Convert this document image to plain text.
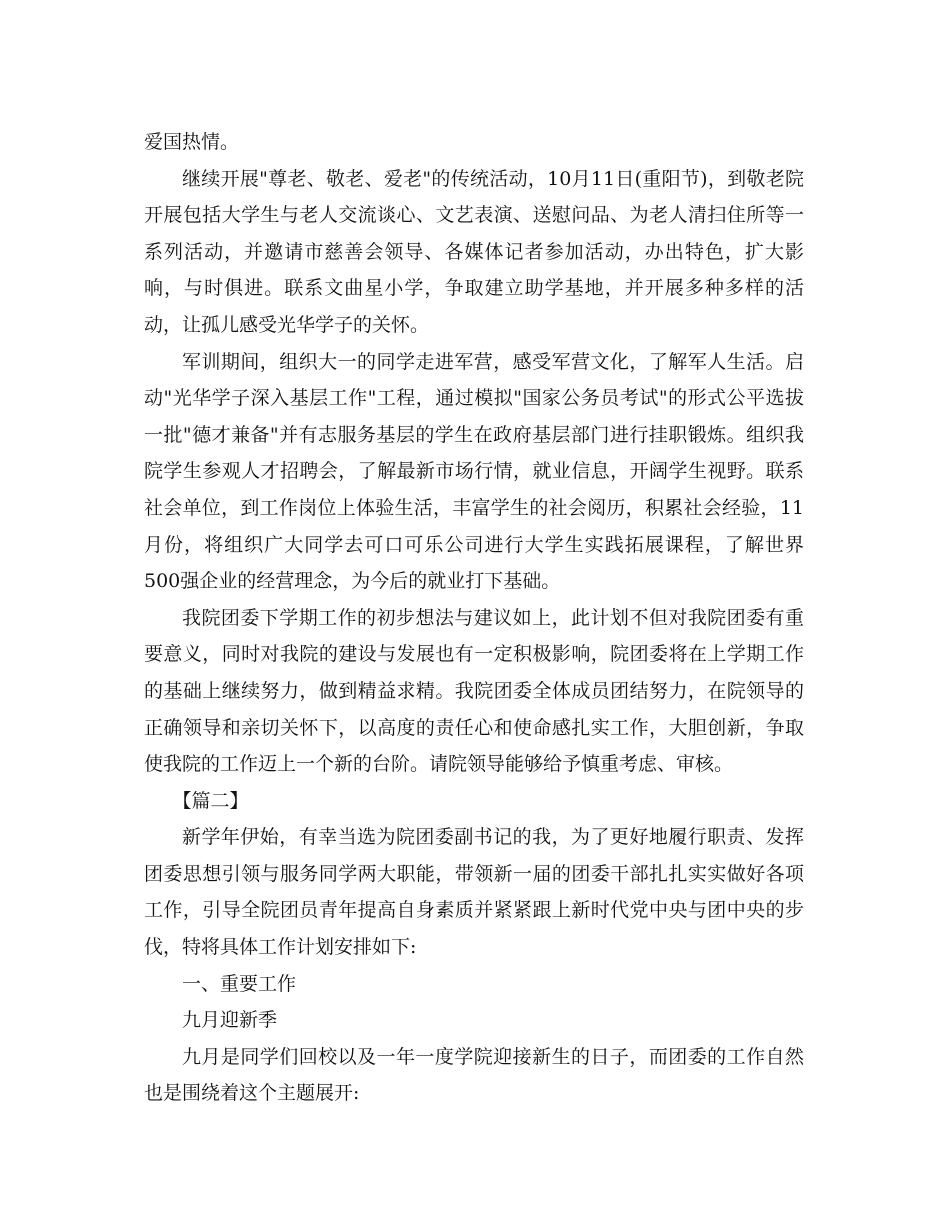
爱国热情。

继续开展"尊老、敬老、爱老"的传统活动，10月11日(重阳节)，到敬老院开展包括大学生与老人交流谈心、文艺表演、送慰问品、为老人清扫住所等一系列活动，并邀请市慈善会领导、各媒体记者参加活动，办出特色，扩大影响，与时俱进。联系文曲星小学，争取建立助学基地，并开展多种多样的活动，让孤儿感受光华学子的关怀。

军训期间，组织大一的同学走进军营，感受军营文化，了解军人生活。启动"光华学子深入基层工作"工程，通过模拟"国家公务员考试"的形式公平选拔一批"德才兼备"并有志服务基层的学生在政府基层部门进行挂职锻炼。组织我院学生参观人才招聘会，了解最新市场行情，就业信息，开阔学生视野。联系社会单位，到工作岗位上体验生活，丰富学生的社会阅历，积累社会经验，11月份，将组织广大同学去可口可乐公司进行大学生实践拓展课程，了解世界500强企业的经营理念，为今后的就业打下基础。

我院团委下学期工作的初步想法与建议如上，此计划不但对我院团委有重要意义，同时对我院的建设与发展也有一定积极影响，院团委将在上学期工作的基础上继续努力，做到精益求精。我院团委全体成员团结努力，在院领导的正确领导和亲切关怀下，以高度的责任心和使命感扎实工作，大胆创新，争取使我院的工作迈上一个新的台阶。请院领导能够给予慎重考虑、审核。

【篇二】

新学年伊始，有幸当选为院团委副书记的我，为了更好地履行职责、发挥团委思想引领与服务同学两大职能，带领新一届的团委干部扎扎实实做好各项工作，引导全院团员青年提高自身素质并紧紧跟上新时代党中央与团中央的步伐，特将具体工作计划安排如下:

一、重要工作

九月迎新季

九月是同学们回校以及一年一度学院迎接新生的日子，而团委的工作自然也是围绕着这个主题展开:
